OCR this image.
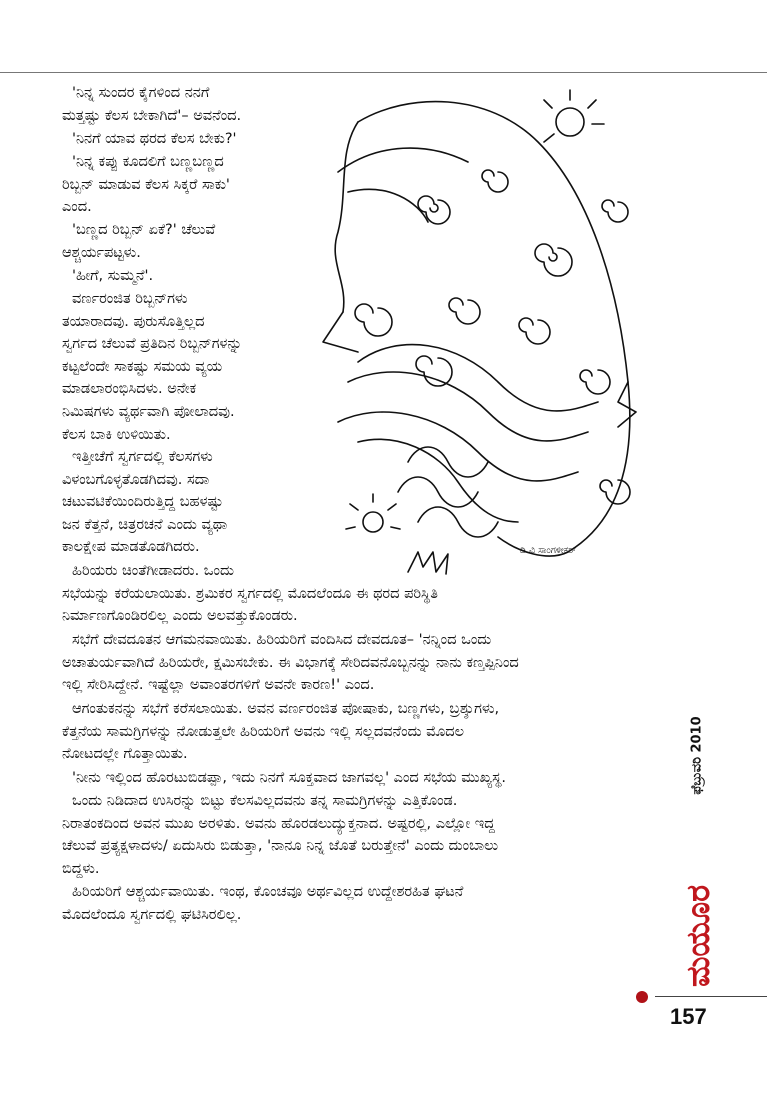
'ನಿನ್ನ ಸುಂದರ ಕೈಗಳಿಂದ ನನಗೆ
ಮತ್ತಷ್ಟು ಕೆಲಸ ಬೇಕಾಗಿದೆ'– ಅವನೆಂದ.

'ನಿನಗೆ ಯಾವ ಥರದ ಕೆಲಸ ಬೇಕು?'

'ನಿನ್ನ ಕಪ್ಪು ಕೂದಲಿಗೆ ಬಣ್ಣಬಣ್ಣದ
ರಿಬ್ಬನ್ ಮಾಡುವ ಕೆಲಸ ಸಿಕ್ಕರೆ ಸಾಕು'
ಎಂದ.

'ಬಣ್ಣದ ರಿಬ್ಬನ್ ಏಕೆ?' ಚೆಲುವೆ
ಆಶ್ಚರ್ಯಪಟ್ಟಳು.

'ಹೀಗೆ, ಸುಮ್ಮನೆ'.

ವರ್ಣರಂಜಿತ ರಿಬ್ಬನ್‌ಗಳು
ತಯಾರಾದವು. ಪುರುಸೊತ್ತಿಲ್ಲದ
ಸ್ವರ್ಗದ ಚೆಲುವೆ ಪ್ರತಿದಿನ ರಿಬ್ಬನ್‌ಗಳನ್ನು
ಕಟ್ಟಲೆಂದೇ ಸಾಕಷ್ಟು ಸಮಯ ವ್ಯಯ
ಮಾಡಲಾರಂಭಿಸಿದಳು. ಅನೇಕ
ನಿಮಿಷಗಳು ವ್ಯರ್ಥವಾಗಿ ಪೋಲಾದವು.
ಕೆಲಸ ಬಾಕಿ ಉಳಿಯಿತು.

ಇತ್ತೀಚೆಗೆ ಸ್ವರ್ಗದಲ್ಲಿ ಕೆಲಸಗಳು
ವಿಳಂಬಗೊಳ್ಳತೊಡಗಿದವು. ಸದಾ
ಚಟುವಟಿಕೆಯಿಂದಿರುತ್ತಿದ್ದ ಬಹಳಷ್ಟು
ಜನ ಕೆತ್ತನೆ, ಚಿತ್ರರಚನೆ ಎಂದು ವ್ಯಥಾ
ಕಾಲಕ್ಷೇಪ ಮಾಡತೊಡಗಿದರು.

ಹಿರಿಯರು ಚಿಂತೆಗೀಡಾದರು. ಒಂದು
ಸಭೆಯನ್ನು ಕರೆಯಲಾಯಿತು. ಶ್ರಮಿಕರ ಸ್ವರ್ಗದಲ್ಲಿ ಮೊದಲೆಂದೂ ಈ ಥರದ ಪರಿಸ್ಥಿತಿ
ನಿರ್ಮಾಣಗೊಂಡಿರಲಿಲ್ಲ ಎಂದು ಅಲವತ್ತುಕೊಂಡರು.

ಸಭೆಗೆ ದೇವದೂತನ ಆಗಮನವಾಯಿತು. ಹಿರಿಯರಿಗೆ ವಂದಿಸಿದ ದೇವದೂತ– 'ನನ್ನಿಂದ ಒಂದು
ಅಚಾತುರ್ಯವಾಗಿದೆ ಹಿರಿಯರೇ, ಕ್ಷಮಿಸಬೇಕು. ಈ ವಿಭಾಗಕ್ಕೆ ಸೇರಿದವನೊಬ್ಬನನ್ನು ನಾನು ಕಣ್ತಪ್ಪಿನಿಂದ
ಇಲ್ಲಿ ಸೇರಿಸಿದ್ದೇನೆ. ಇಷ್ಟೆಲ್ಲಾ ಅವಾಂತರಗಳಿಗೆ ಅವನೇ ಕಾರಣ!' ಎಂದ.

ಆಗಂತುಕನನ್ನು ಸಭೆಗೆ ಕರೆಸಲಾಯಿತು. ಅವನ ವರ್ಣರಂಜಿತ ಪೋಷಾಕು, ಬಣ್ಣಗಳು, ಬ್ರಶ್ಶುಗಳು,
ಕೆತ್ತನೆಯ ಸಾಮಗ್ರಿಗಳನ್ನು ನೋಡುತ್ತಲೇ ಹಿರಿಯರಿಗೆ ಅವನು ಇಲ್ಲಿ ಸಲ್ಲದವನೆಂದು ಮೊದಲ
ನೋಟದಲ್ಲೇ ಗೊತ್ತಾಯಿತು.

'ನೀನು ಇಲ್ಲಿಂದ ಹೊರಟುಬಿಡಪ್ಪಾ, ಇದು ನಿನಗೆ ಸೂಕ್ತವಾದ ಜಾಗವಲ್ಲ' ಎಂದ ಸಭೆಯ ಮುಖ್ಯಸ್ಥ.

ಒಂದು ನಿಡಿದಾದ ಉಸಿರನ್ನು ಬಿಟ್ಟು ಕೆಲಸವಿಲ್ಲದವನು ತನ್ನ ಸಾಮಗ್ರಿಗಳನ್ನು ಎತ್ತಿಕೊಂಡ.
ನಿರಾತಂಕದಿಂದ ಅವನ ಮುಖ ಅರಳಿತು. ಅವನು ಹೊರಡಲುದ್ಯುಕ್ತನಾದ. ಅಷ್ಟರಲ್ಲಿ, ಎಲ್ಲೋ ಇದ್ದ
ಚೆಲುವೆ ಪ್ರತ್ಯಕ್ಷಳಾದಳು/ ಏದುಸಿರು ಬಿಡುತ್ತಾ, 'ನಾನೂ ನಿನ್ನ ಜೊತೆ ಬರುತ್ತೇನೆ' ಎಂದು ದುಂಬಾಲು
ಬಿದ್ದಳು.

ಹಿರಿಯರಿಗೆ ಆಶ್ಚರ್ಯವಾಯಿತು. ಇಂಥ, ಕೊಂಚವೂ ಅರ್ಥವಿಲ್ಲದ ಉದ್ದೇಶರಹಿತ ಘಟನೆ
ಮೊದಲೆಂದೂ ಸ್ವರ್ಗದಲ್ಲಿ ಘಟಿಸಿರಲಿಲ್ಲ.

ಡಿ.ವಿ ಸಾಂಗಳೀಕರ್
ಫೆಬ್ರುವರಿ 2010
ಮಯೂರ
157
